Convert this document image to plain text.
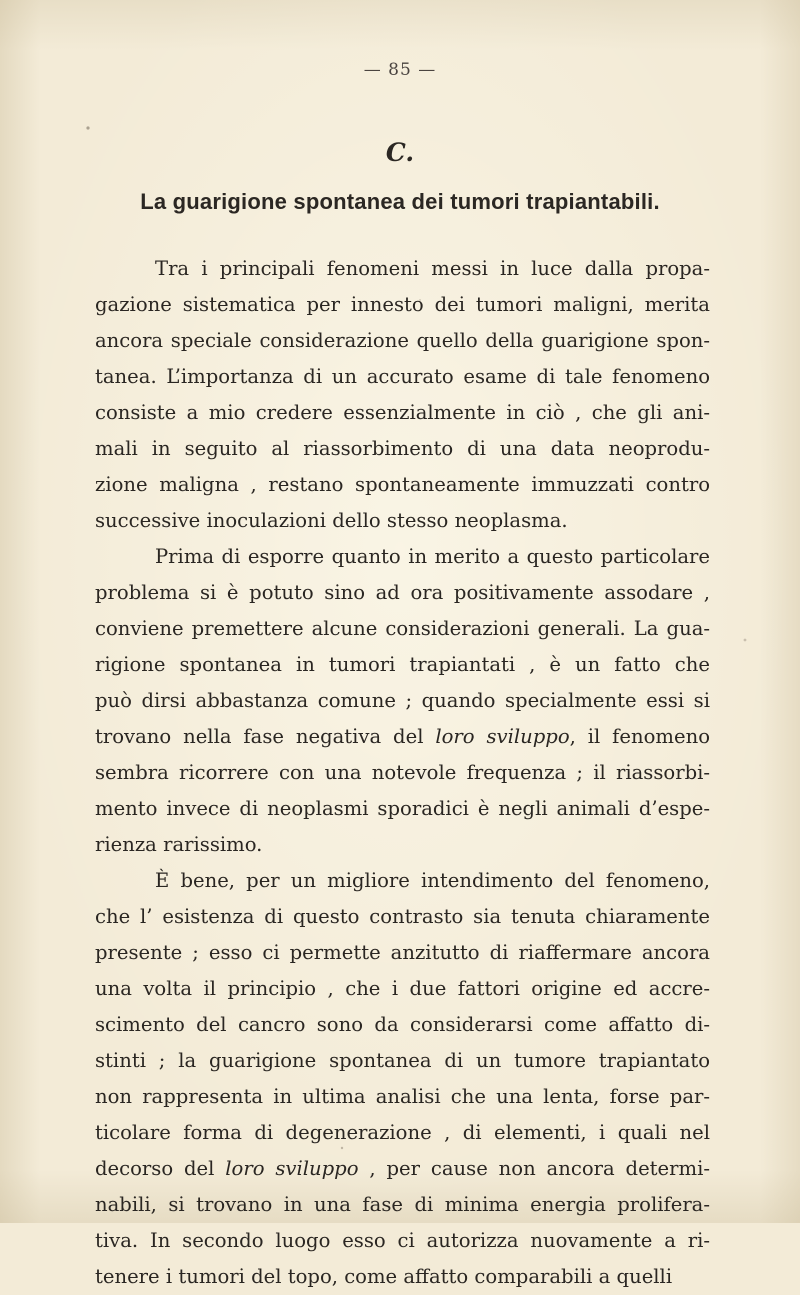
— 85 —
C.
La guarigione spontanea dei tumori trapiantabili.
Tra i principali fenomeni messi in luce dalla propa-
gazione sistematica per innesto dei tumori maligni, merita
ancora speciale considerazione quello della guarigione spon-
tanea. L’importanza di un accurato esame di tale fenomeno
consiste a mio credere essenzialmente in ciò , che gli ani-
mali in seguito al riassorbimento di una data neoprodu-
zione maligna , restano spontaneamente immuzzati contro
successive inoculazioni dello stesso neoplasma.
Prima di esporre quanto in merito a questo particolare
problema si è potuto sino ad ora positivamente assodare ,
conviene premettere alcune considerazioni generali. La gua-
rigione spontanea in tumori trapiantati , è un fatto che
può dirsi abbastanza comune ; quando specialmente essi si
trovano nella fase negativa del loro sviluppo, il fenomeno
sembra ricorrere con una notevole frequenza ; il riassorbi-
mento invece di neoplasmi sporadici è negli animali d’espe-
rienza rarissimo.
È bene, per un migliore intendimento del fenomeno,
che l’ esistenza di questo contrasto sia tenuta chiaramente
presente ; esso ci permette anzitutto di riaffermare ancora
una volta il principio , che i due fattori origine ed accre-
scimento del cancro sono da considerarsi come affatto di-
stinti ; la guarigione spontanea di un tumore trapiantato
non rappresenta in ultima analisi che una lenta, forse par-
ticolare forma di degenerazione , di elementi, i quali nel
decorso del loro sviluppo , per cause non ancora determi-
nabili, si trovano in una fase di minima energia prolifera-
tiva. In secondo luogo esso ci autorizza nuovamente a ri-
tenere i tumori del topo, come affatto comparabili a quelli
